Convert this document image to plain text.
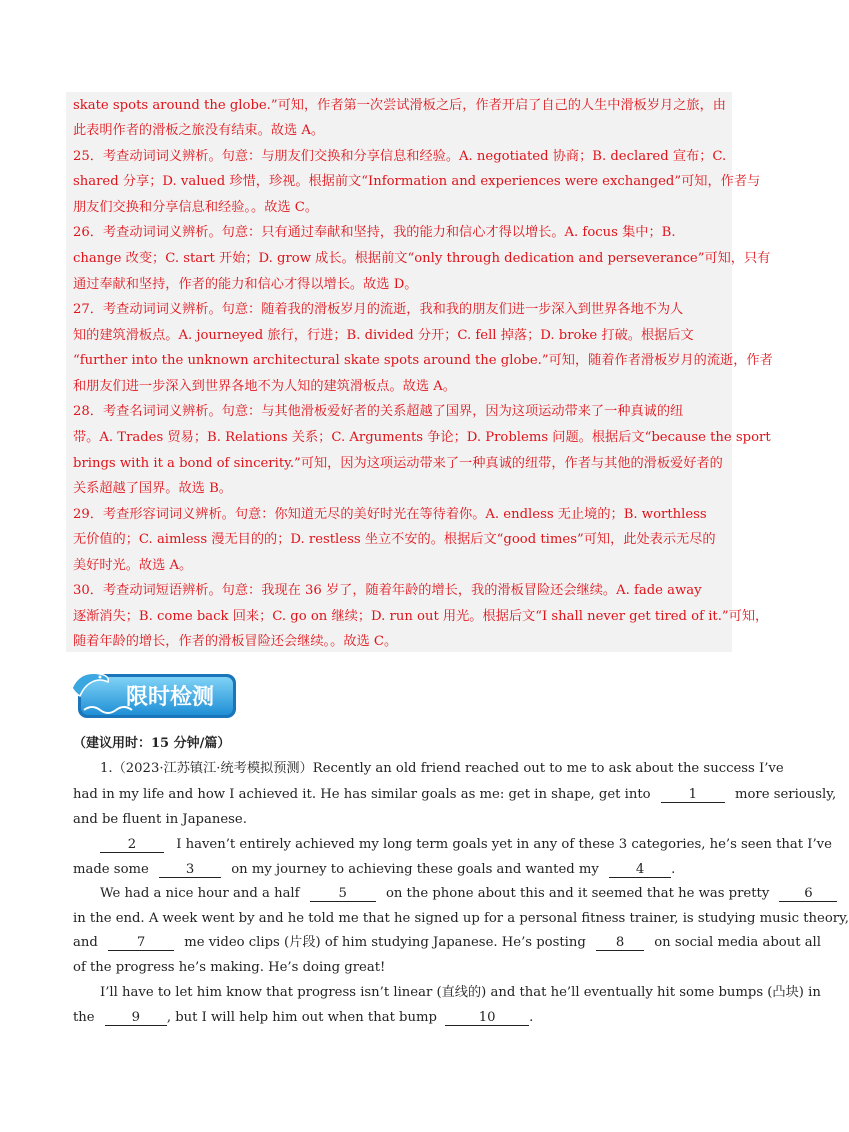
skate spots around the globe.”可知，作者第一次尝试滑板之后，作者开启了自己的人生中滑板岁月之旅，由
此表明作者的滑板之旅没有结束。故选 A。
25．考查动词词义辨析。句意：与朋友们交换和分享信息和经验。A. negotiated 协商；B. declared 宣布；C.
shared 分享；D. valued 珍惜，珍视。根据前文“Information and experiences were exchanged”可知，作者与
朋友们交换和分享信息和经验。。故选 C。
26．考查动词词义辨析。句意：只有通过奉献和坚持，我的能力和信心才得以增长。A. focus 集中；B.
change 改变；C. start 开始；D. grow 成长。根据前文“only through dedication and perseverance”可知，只有
通过奉献和坚持，作者的能力和信心才得以增长。故选 D。
27．考查动词词义辨析。句意：随着我的滑板岁月的流逝，我和我的朋友们进一步深入到世界各地不为人
知的建筑滑板点。A. journeyed 旅行，行进；B. divided 分开；C. fell 掉落；D. broke 打破。根据后文
“further into the unknown architectural skate spots around the globe.”可知，随着作者滑板岁月的流逝，作者
和朋友们进一步深入到世界各地不为人知的建筑滑板点。故选 A。
28．考查名词词义辨析。句意：与其他滑板爱好者的关系超越了国界，因为这项运动带来了一种真诚的纽
带。A. Trades 贸易；B. Relations 关系；C. Arguments 争论；D. Problems 问题。根据后文“because the sport
brings with it a bond of sincerity.”可知，因为这项运动带来了一种真诚的纽带，作者与其他的滑板爱好者的
关系超越了国界。故选 B。
29．考查形容词词义辨析。句意：你知道无尽的美好时光在等待着你。A. endless 无止境的；B. worthless
无价值的；C. aimless 漫无目的的；D. restless 坐立不安的。根据后文“good times”可知，此处表示无尽的
美好时光。故选 A。
30．考查动词短语辨析。句意：我现在 36 岁了，随着年龄的增长，我的滑板冒险还会继续。A. fade away
逐渐消失；B. come back 回来；C. go on 继续；D. run out 用光。根据后文“I shall never get tired of it.”可知，
随着年龄的增长，作者的滑板冒险还会继续。。故选 C。
限时检测
（建议用时：15 分钟/篇）
1.（2023·江苏镇江·统考模拟预测）Recently an old friend reached out to me to ask about the success I’ve
had in my life and how I achieved it. He has similar goals as me: get in shape, get into	1	more seriously,
and be fluent in Japanese.
2	I haven’t entirely achieved my long term goals yet in any of these 3 categories, he’s seen that I’ve
made some	3	on my journey to achieving these goals and wanted my	4 .
We had a nice hour and a half	5	on the phone about this and it seemed that he was pretty	6
in the end. A week went by and he told me that he signed up for a personal fitness trainer, is studying music theory,
and	7	me video clips (片段) of him studying Japanese. He’s posting 8 on social media about all
of the progress he’s making. He’s doing great!
I’ll have to let him know that progress isn’t linear (直线的) and that he’ll eventually hit some bumps (凸块) in
the	9 , but I will help him out when that bump	10	.
